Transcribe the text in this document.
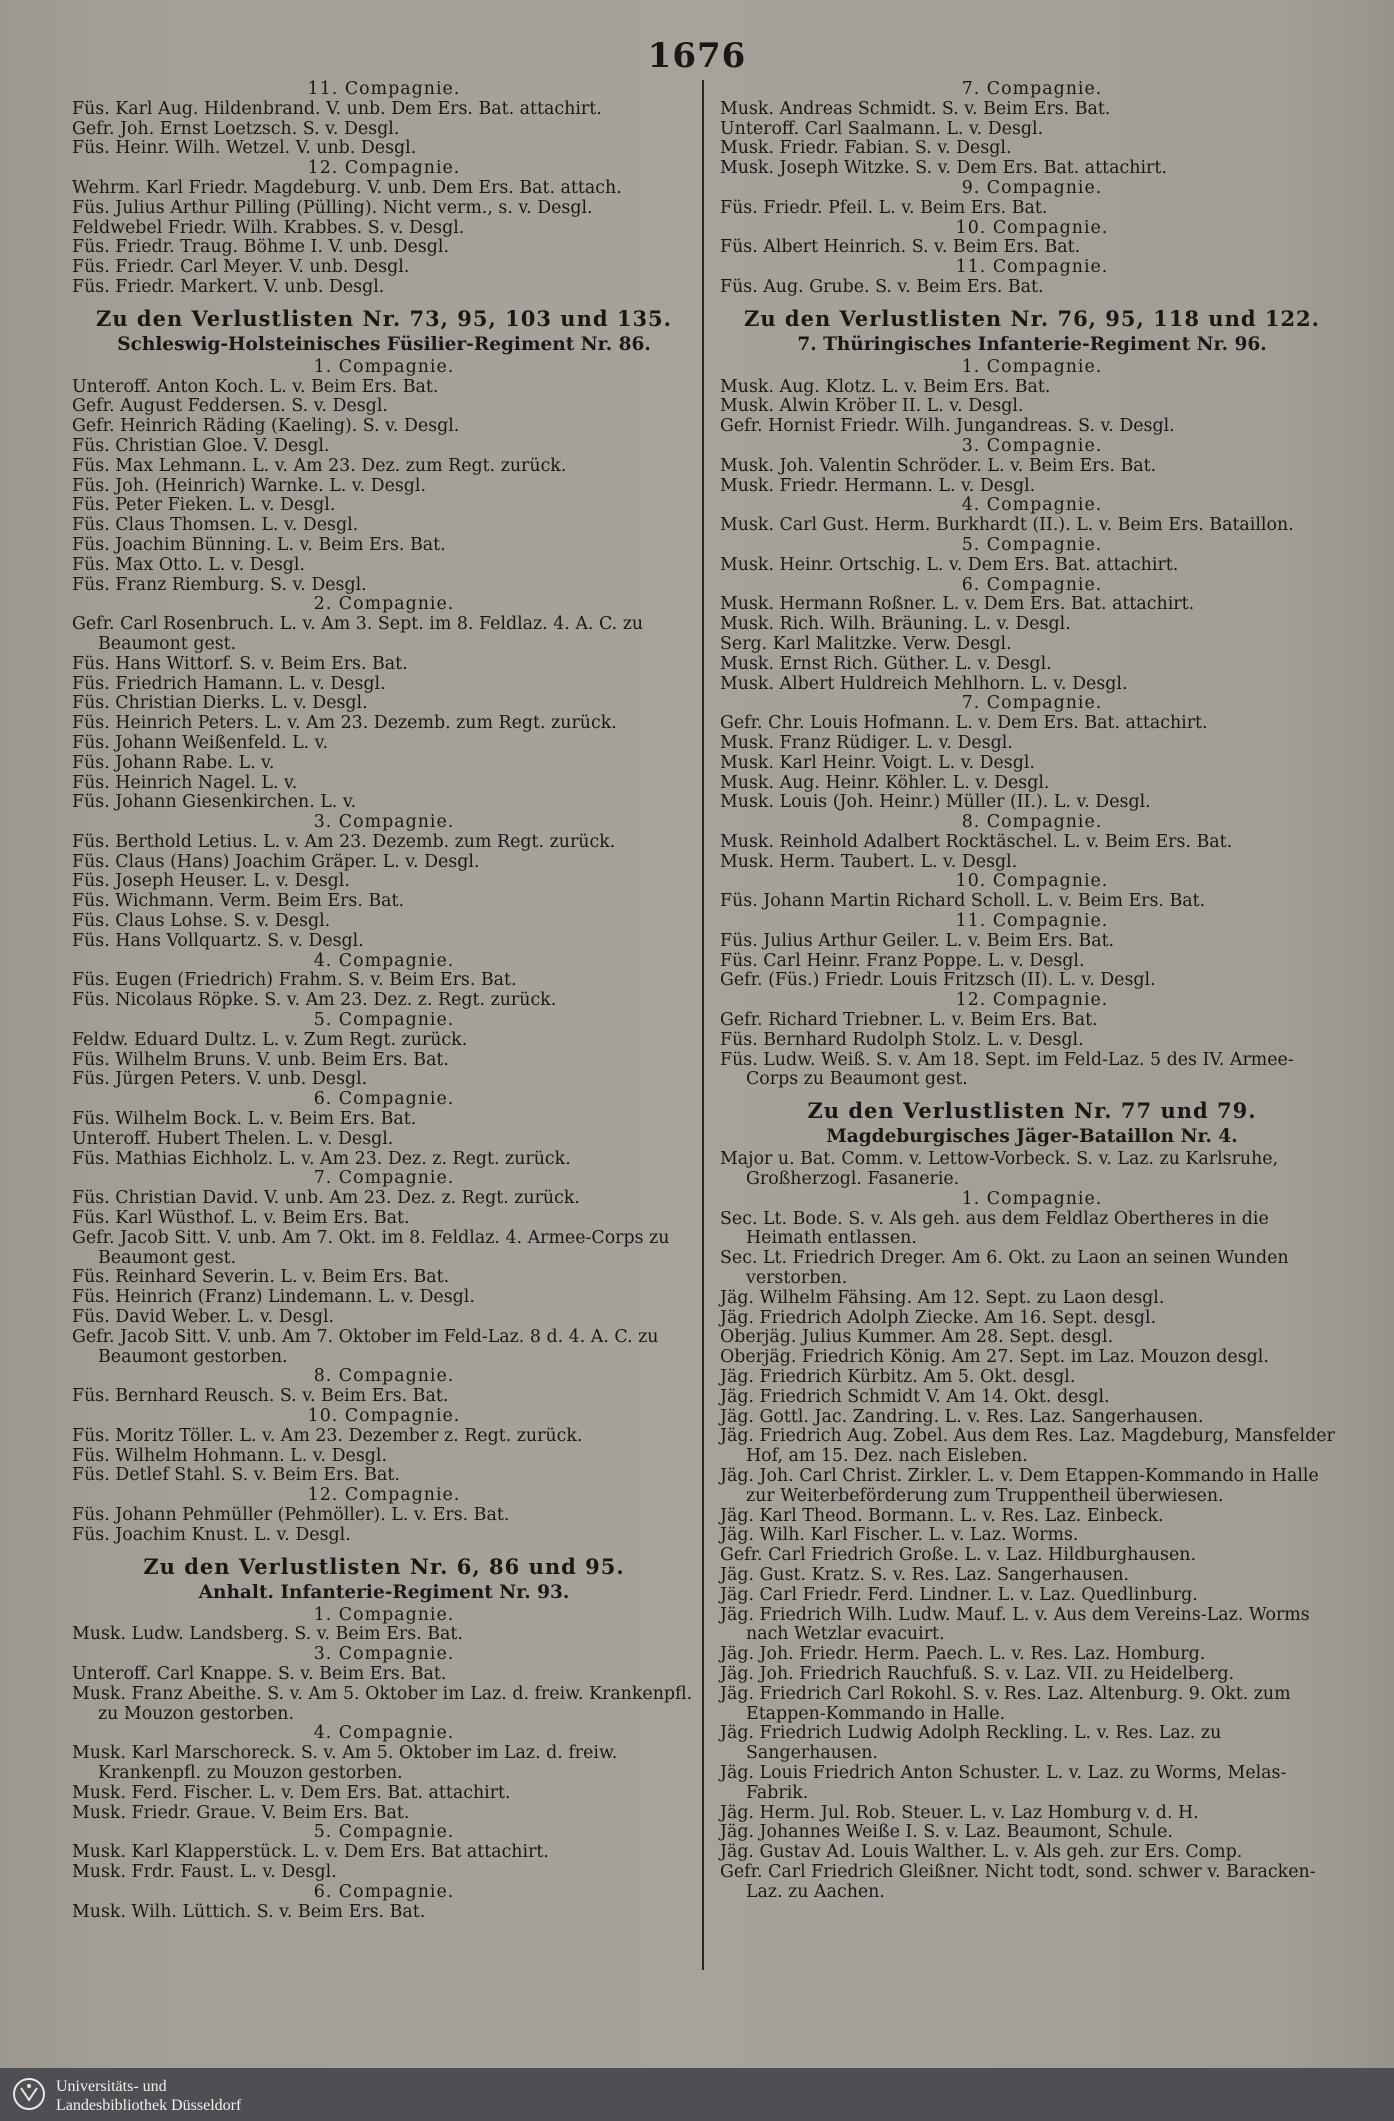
1676
11. Compagnie.
Füs. Karl Aug. Hildenbrand. V. unb. Dem Ers. Bat. attachirt.
Gefr. Joh. Ernst Loetzsch. S. v. Desgl.
Füs. Heinr. Wilh. Wetzel. V. unb. Desgl.
12. Compagnie.
Wehrm. Karl Friedr. Magdeburg. V. unb. Dem Ers. Bat. attach.
Füs. Julius Arthur Pilling (Pülling). Nicht verm., s. v. Desgl.
Feldwebel Friedr. Wilh. Krabbes. S. v. Desgl.
Füs. Friedr. Traug. Böhme I. V. unb. Desgl.
Füs. Friedr. Carl Meyer. V. unb. Desgl.
Füs. Friedr. Markert. V. unb. Desgl.
Zu den Verlustlisten Nr. 73, 95, 103 und 135.
Schleswig-Holsteinisches Füsilier-Regiment Nr. 86.
1. Compagnie.
Unteroff. Anton Koch. L. v. Beim Ers. Bat.
Gefr. August Feddersen. S. v. Desgl.
Gefr. Heinrich Räding (Kaeling). S. v. Desgl.
Füs. Christian Gloe. V. Desgl.
Füs. Max Lehmann. L. v. Am 23. Dez. zum Regt. zurück.
Füs. Joh. (Heinrich) Warnke. L. v. Desgl.
Füs. Peter Fieken. L. v. Desgl.
Füs. Claus Thomsen. L. v. Desgl.
Füs. Joachim Bünning. L. v. Beim Ers. Bat.
Füs. Max Otto. L. v. Desgl.
Füs. Franz Riemburg. S. v. Desgl.
2. Compagnie.
Gefr. Carl Rosenbruch. L. v. Am 3. Sept. im 8. Feldlaz. 4. A. C. zu Beaumont gest.
Füs. Hans Wittorf. S. v. Beim Ers. Bat.
Füs. Friedrich Hamann. L. v. Desgl.
Füs. Christian Dierks. L. v. Desgl.
Füs. Heinrich Peters. L. v. Am 23. Dezemb. zum Regt. zurück.
Füs. Johann Weißenfeld. L. v.
Füs. Johann Rabe. L. v.
Füs. Heinrich Nagel. L. v.
Füs. Johann Giesenkirchen. L. v.
3. Compagnie.
Füs. Berthold Letius. L. v. Am 23. Dezemb. zum Regt. zurück.
Füs. Claus (Hans) Joachim Gräper. L. v. Desgl.
Füs. Joseph Heuser. L. v. Desgl.
Füs. Wichmann. Verm. Beim Ers. Bat.
Füs. Claus Lohse. S. v. Desgl.
Füs. Hans Vollquartz. S. v. Desgl.
4. Compagnie.
Füs. Eugen (Friedrich) Frahm. S. v. Beim Ers. Bat.
Füs. Nicolaus Röpke. S. v. Am 23. Dez. z. Regt. zurück.
5. Compagnie.
Feldw. Eduard Dultz. L. v. Zum Regt. zurück.
Füs. Wilhelm Bruns. V. unb. Beim Ers. Bat.
Füs. Jürgen Peters. V. unb. Desgl.
6. Compagnie.
Füs. Wilhelm Bock. L. v. Beim Ers. Bat.
Unteroff. Hubert Thelen. L. v. Desgl.
Füs. Mathias Eichholz. L. v. Am 23. Dez. z. Regt. zurück.
7. Compagnie.
Füs. Christian David. V. unb. Am 23. Dez. z. Regt. zurück.
Füs. Karl Wüsthof. L. v. Beim Ers. Bat.
Gefr. Jacob Sitt. V. unb. Am 7. Okt. im 8. Feldlaz. 4. Armee-Corps zu Beaumont gest.
Füs. Reinhard Severin. L. v. Beim Ers. Bat.
Füs. Heinrich (Franz) Lindemann. L. v. Desgl.
Füs. David Weber. L. v. Desgl.
Gefr. Jacob Sitt. V. unb. Am 7. Oktober im Feld-Laz. 8 d. 4. A. C. zu Beaumont gestorben.
8. Compagnie.
Füs. Bernhard Reusch. S. v. Beim Ers. Bat.
10. Compagnie.
Füs. Moritz Töller. L. v. Am 23. Dezember z. Regt. zurück.
Füs. Wilhelm Hohmann. L. v. Desgl.
Füs. Detlef Stahl. S. v. Beim Ers. Bat.
12. Compagnie.
Füs. Johann Pehmüller (Pehmöller). L. v. Ers. Bat.
Füs. Joachim Knust. L. v. Desgl.
Zu den Verlustlisten Nr. 6, 86 und 95.
Anhalt. Infanterie-Regiment Nr. 93.
1. Compagnie.
Musk. Ludw. Landsberg. S. v. Beim Ers. Bat.
3. Compagnie.
Unteroff. Carl Knappe. S. v. Beim Ers. Bat.
Musk. Franz Abeithe. S. v. Am 5. Oktober im Laz. d. freiw. Krankenpfl. zu Mouzon gestorben.
4. Compagnie.
Musk. Karl Marschoreck. S. v. Am 5. Oktober im Laz. d. freiw. Krankenpfl. zu Mouzon gestorben.
Musk. Ferd. Fischer. L. v. Dem Ers. Bat. attachirt.
Musk. Friedr. Graue. V. Beim Ers. Bat.
5. Compagnie.
Musk. Karl Klapperstück. L. v. Dem Ers. Bat attachirt.
Musk. Frdr. Faust. L. v. Desgl.
6. Compagnie.
Musk. Wilh. Lüttich. S. v. Beim Ers. Bat.
7. Compagnie.
Musk. Andreas Schmidt. S. v. Beim Ers. Bat.
Unteroff. Carl Saalmann. L. v. Desgl.
Musk. Friedr. Fabian. S. v. Desgl.
Musk. Joseph Witzke. S. v. Dem Ers. Bat. attachirt.
9. Compagnie.
Füs. Friedr. Pfeil. L. v. Beim Ers. Bat.
10. Compagnie.
Füs. Albert Heinrich. S. v. Beim Ers. Bat.
11. Compagnie.
Füs. Aug. Grube. S. v. Beim Ers. Bat.
Zu den Verlustlisten Nr. 76, 95, 118 und 122.
7. Thüringisches Infanterie-Regiment Nr. 96.
1. Compagnie.
Musk. Aug. Klotz. L. v. Beim Ers. Bat.
Musk. Alwin Kröber II. L. v. Desgl.
Gefr. Hornist Friedr. Wilh. Jungandreas. S. v. Desgl.
3. Compagnie.
Musk. Joh. Valentin Schröder. L. v. Beim Ers. Bat.
Musk. Friedr. Hermann. L. v. Desgl.
4. Compagnie.
Musk. Carl Gust. Herm. Burkhardt (II.). L. v. Beim Ers. Bataillon.
5. Compagnie.
Musk. Heinr. Ortschig. L. v. Dem Ers. Bat. attachirt.
6. Compagnie.
Musk. Hermann Roßner. L. v. Dem Ers. Bat. attachirt.
Musk. Rich. Wilh. Bräuning. L. v. Desgl.
Serg. Karl Malitzke. Verw. Desgl.
Musk. Ernst Rich. Güther. L. v. Desgl.
Musk. Albert Huldreich Mehlhorn. L. v. Desgl.
7. Compagnie.
Gefr. Chr. Louis Hofmann. L. v. Dem Ers. Bat. attachirt.
Musk. Franz Rüdiger. L. v. Desgl.
Musk. Karl Heinr. Voigt. L. v. Desgl.
Musk. Aug. Heinr. Köhler. L. v. Desgl.
Musk. Louis (Joh. Heinr.) Müller (II.). L. v. Desgl.
8. Compagnie.
Musk. Reinhold Adalbert Rocktäschel. L. v. Beim Ers. Bat.
Musk. Herm. Taubert. L. v. Desgl.
10. Compagnie.
Füs. Johann Martin Richard Scholl. L. v. Beim Ers. Bat.
11. Compagnie.
Füs. Julius Arthur Geiler. L. v. Beim Ers. Bat.
Füs. Carl Heinr. Franz Poppe. L. v. Desgl.
Gefr. (Füs.) Friedr. Louis Fritzsch (II). L. v. Desgl.
12. Compagnie.
Gefr. Richard Triebner. L. v. Beim Ers. Bat.
Füs. Bernhard Rudolph Stolz. L. v. Desgl.
Füs. Ludw. Weiß. S. v. Am 18. Sept. im Feld-Laz. 5 des IV. Armee-Corps zu Beaumont gest.
Zu den Verlustlisten Nr. 77 und 79.
Magdeburgisches Jäger-Bataillon Nr. 4.
Major u. Bat. Comm. v. Lettow-Vorbeck. S. v. Laz. zu Karlsruhe, Großherzogl. Fasanerie.
1. Compagnie.
Sec. Lt. Bode. S. v. Als geh. aus dem Feldlaz Obertheres in die Heimath entlassen.
Sec. Lt. Friedrich Dreger. Am 6. Okt. zu Laon an seinen Wunden verstorben.
Jäg. Wilhelm Fähsing. Am 12. Sept. zu Laon desgl.
Jäg. Friedrich Adolph Ziecke. Am 16. Sept. desgl.
Oberjäg. Julius Kummer. Am 28. Sept. desgl.
Oberjäg. Friedrich König. Am 27. Sept. im Laz. Mouzon desgl.
Jäg. Friedrich Kürbitz. Am 5. Okt. desgl.
Jäg. Friedrich Schmidt V. Am 14. Okt. desgl.
Jäg. Gottl. Jac. Zandring. L. v. Res. Laz. Sangerhausen.
Jäg. Friedrich Aug. Zobel. Aus dem Res. Laz. Magdeburg, Mansfelder Hof, am 15. Dez. nach Eisleben.
Jäg. Joh. Carl Christ. Zirkler. L. v. Dem Etappen-Kommando in Halle zur Weiterbeförderung zum Truppentheil überwiesen.
Jäg. Karl Theod. Bormann. L. v. Res. Laz. Einbeck.
Jäg. Wilh. Karl Fischer. L. v. Laz. Worms.
Gefr. Carl Friedrich Große. L. v. Laz. Hildburghausen.
Jäg. Gust. Kratz. S. v. Res. Laz. Sangerhausen.
Jäg. Carl Friedr. Ferd. Lindner. L. v. Laz. Quedlinburg.
Jäg. Friedrich Wilh. Ludw. Mauf. L. v. Aus dem Vereins-Laz. Worms nach Wetzlar evacuirt.
Jäg. Joh. Friedr. Herm. Paech. L. v. Res. Laz. Homburg.
Jäg. Joh. Friedrich Rauchfuß. S. v. Laz. VII. zu Heidelberg.
Jäg. Friedrich Carl Rokohl. S. v. Res. Laz. Altenburg. 9. Okt. zum Etappen-Kommando in Halle.
Jäg. Friedrich Ludwig Adolph Reckling. L. v. Res. Laz. zu Sangerhausen.
Jäg. Louis Friedrich Anton Schuster. L. v. Laz. zu Worms, Melas-Fabrik.
Jäg. Herm. Jul. Rob. Steuer. L. v. Laz Homburg v. d. H.
Jäg. Johannes Weiße I. S. v. Laz. Beaumont, Schule.
Jäg. Gustav Ad. Louis Walther. L. v. Als geh. zur Ers. Comp.
Gefr. Carl Friedrich Gleißner. Nicht todt, sond. schwer v. Baracken-Laz. zu Aachen.
Universitäts- und
Landesbibliothek Düsseldorf
